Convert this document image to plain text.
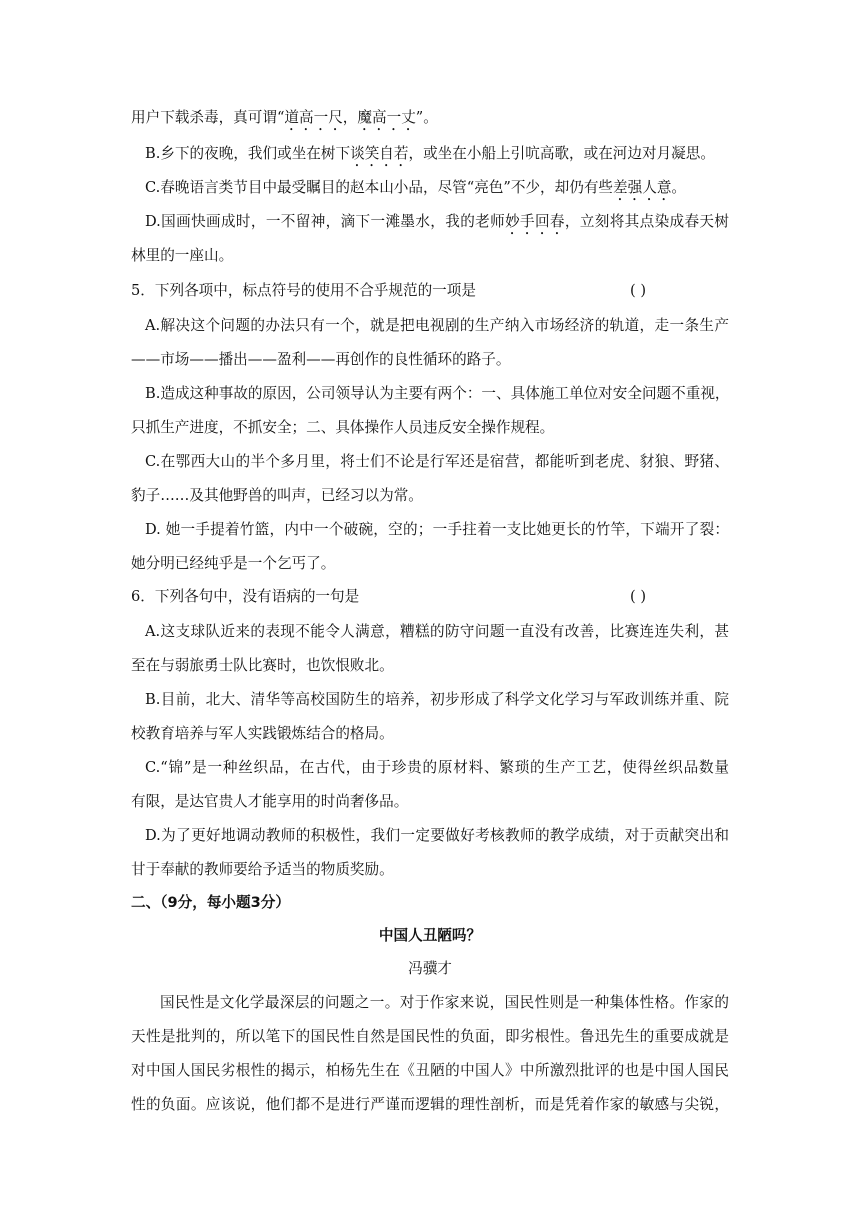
用户下载杀毒，真可谓“道高一尺，魔高一丈”。
B.乡下的夜晚，我们或坐在树下谈笑自若，或坐在小船上引吭高歌，或在河边对月凝思。
C.春晚语言类节目中最受瞩目的赵本山小品，尽管“亮色”不少，却仍有些差强人意。
D.国画快画成时，一不留神，滴下一滩墨水，我的老师妙手回春，立刻将其点染成春天树
林里的一座山。
5．下列各项中，标点符号的使用不合乎规范的一项是	( )
A.解决这个问题的办法只有一个，就是把电视剧的生产纳入市场经济的轨道，走一条生产
——市场——播出——盈利——再创作的良性循环的路子。
B.造成这种事故的原因，公司领导认为主要有两个：一、具体施工单位对安全问题不重视，
只抓生产进度，不抓安全；二、具体操作人员违反安全操作规程。
C.在鄂西大山的半个多月里，将士们不论是行军还是宿营，都能听到老虎、豺狼、野猪、
豹子……及其他野兽的叫声，已经习以为常。
D. 她一手提着竹篮，内中一个破碗，空的；一手拄着一支比她更长的竹竿，下端开了裂：
她分明已经纯乎是一个乞丐了。
6．下列各句中，没有语病的一句是	( )
A.这支球队近来的表现不能令人满意，糟糕的防守问题一直没有改善，比赛连连失利，甚
至在与弱旅勇士队比赛时，也饮恨败北。
B.目前，北大、清华等高校国防生的培养，初步形成了科学文化学习与军政训练并重、院
校教育培养与军人实践锻炼结合的格局。
C.“锦”是一种丝织品，在古代，由于珍贵的原材料、繁琐的生产工艺，使得丝织品数量
有限，是达官贵人才能享用的时尚奢侈品。
D.为了更好地调动教师的积极性，我们一定要做好考核教师的教学成绩，对于贡献突出和
甘于奉献的教师要给予适当的物质奖励。
二、（9分，每小题3分）
中国人丑陋吗？
冯骥才
国民性是文化学最深层的问题之一。对于作家来说，国民性则是一种集体性格。作家的
天性是批判的，所以笔下的国民性自然是国民性的负面，即劣根性。鲁迅先生的重要成就是
对中国人国民劣根性的揭示，柏杨先生在《丑陋的中国人》中所激烈批评的也是中国人国民
性的负面。应该说，他们都不是进行严谨而逻辑的理性剖析，而是凭着作家的敏感与尖锐，
